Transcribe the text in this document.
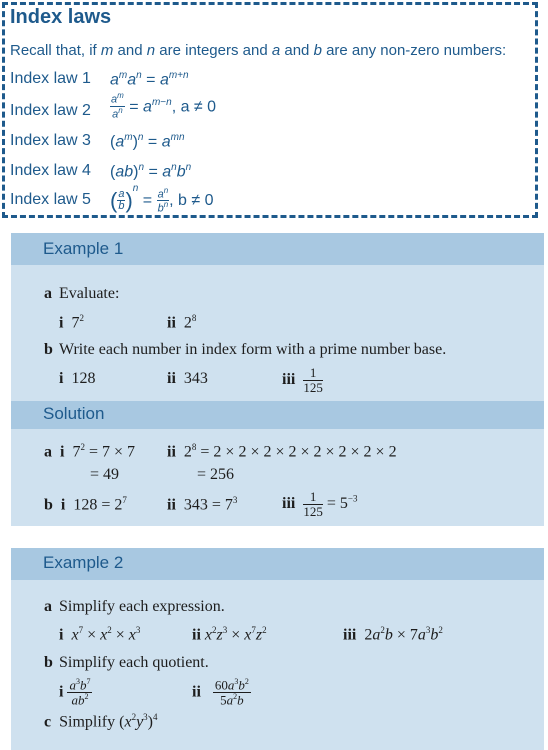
Index laws
Recall that, if m and n are integers and a and b are any non-zero numbers:
Index law 1 $a^ma^n = a^{m+n}$
Index law $2 \frac{a^m}{a^n} = a^{m-n}$, a ≠ 0
Index law 3 $(a^m)^n = a^{mn}$
Index law 4 $(ab)^n = a^nb^n$
Index law 5 ( $\frac{a}{b} )^n = \frac{a^n}{b^n}$ , b ≠ 0
Example 1
a Evaluate:
i  $7^2$	ii  $2^8$
b Write each number in index form with a prime number base.
i 128	ii 343	iii $\frac{1}{125}$
Solution
a i  $7^2 = 7 \times 7$
= 49
ii  $2^8 = 2 \times 2 \times 2 \times 2 \times 2 \times 2 \times 2 \times 2$
= 256
b i $128 = 2^7$	ii $343 = 7^3$	iii $\frac{1}{125} = 5^{-3}$
Example 2
a Simplify each expression.
i $x^7 \times x^2 \times x^3$	ii $x^2z^3 \times x^7z^2$	iii  $2a^2b \times 7a^3b^2$
b Simplify each quotient.
i $\frac{a^3b^7}{ab^2}$	ii $\frac{60a^3b^2}{5a^2b}$
c Simplify $(x^2y^3)^4$
